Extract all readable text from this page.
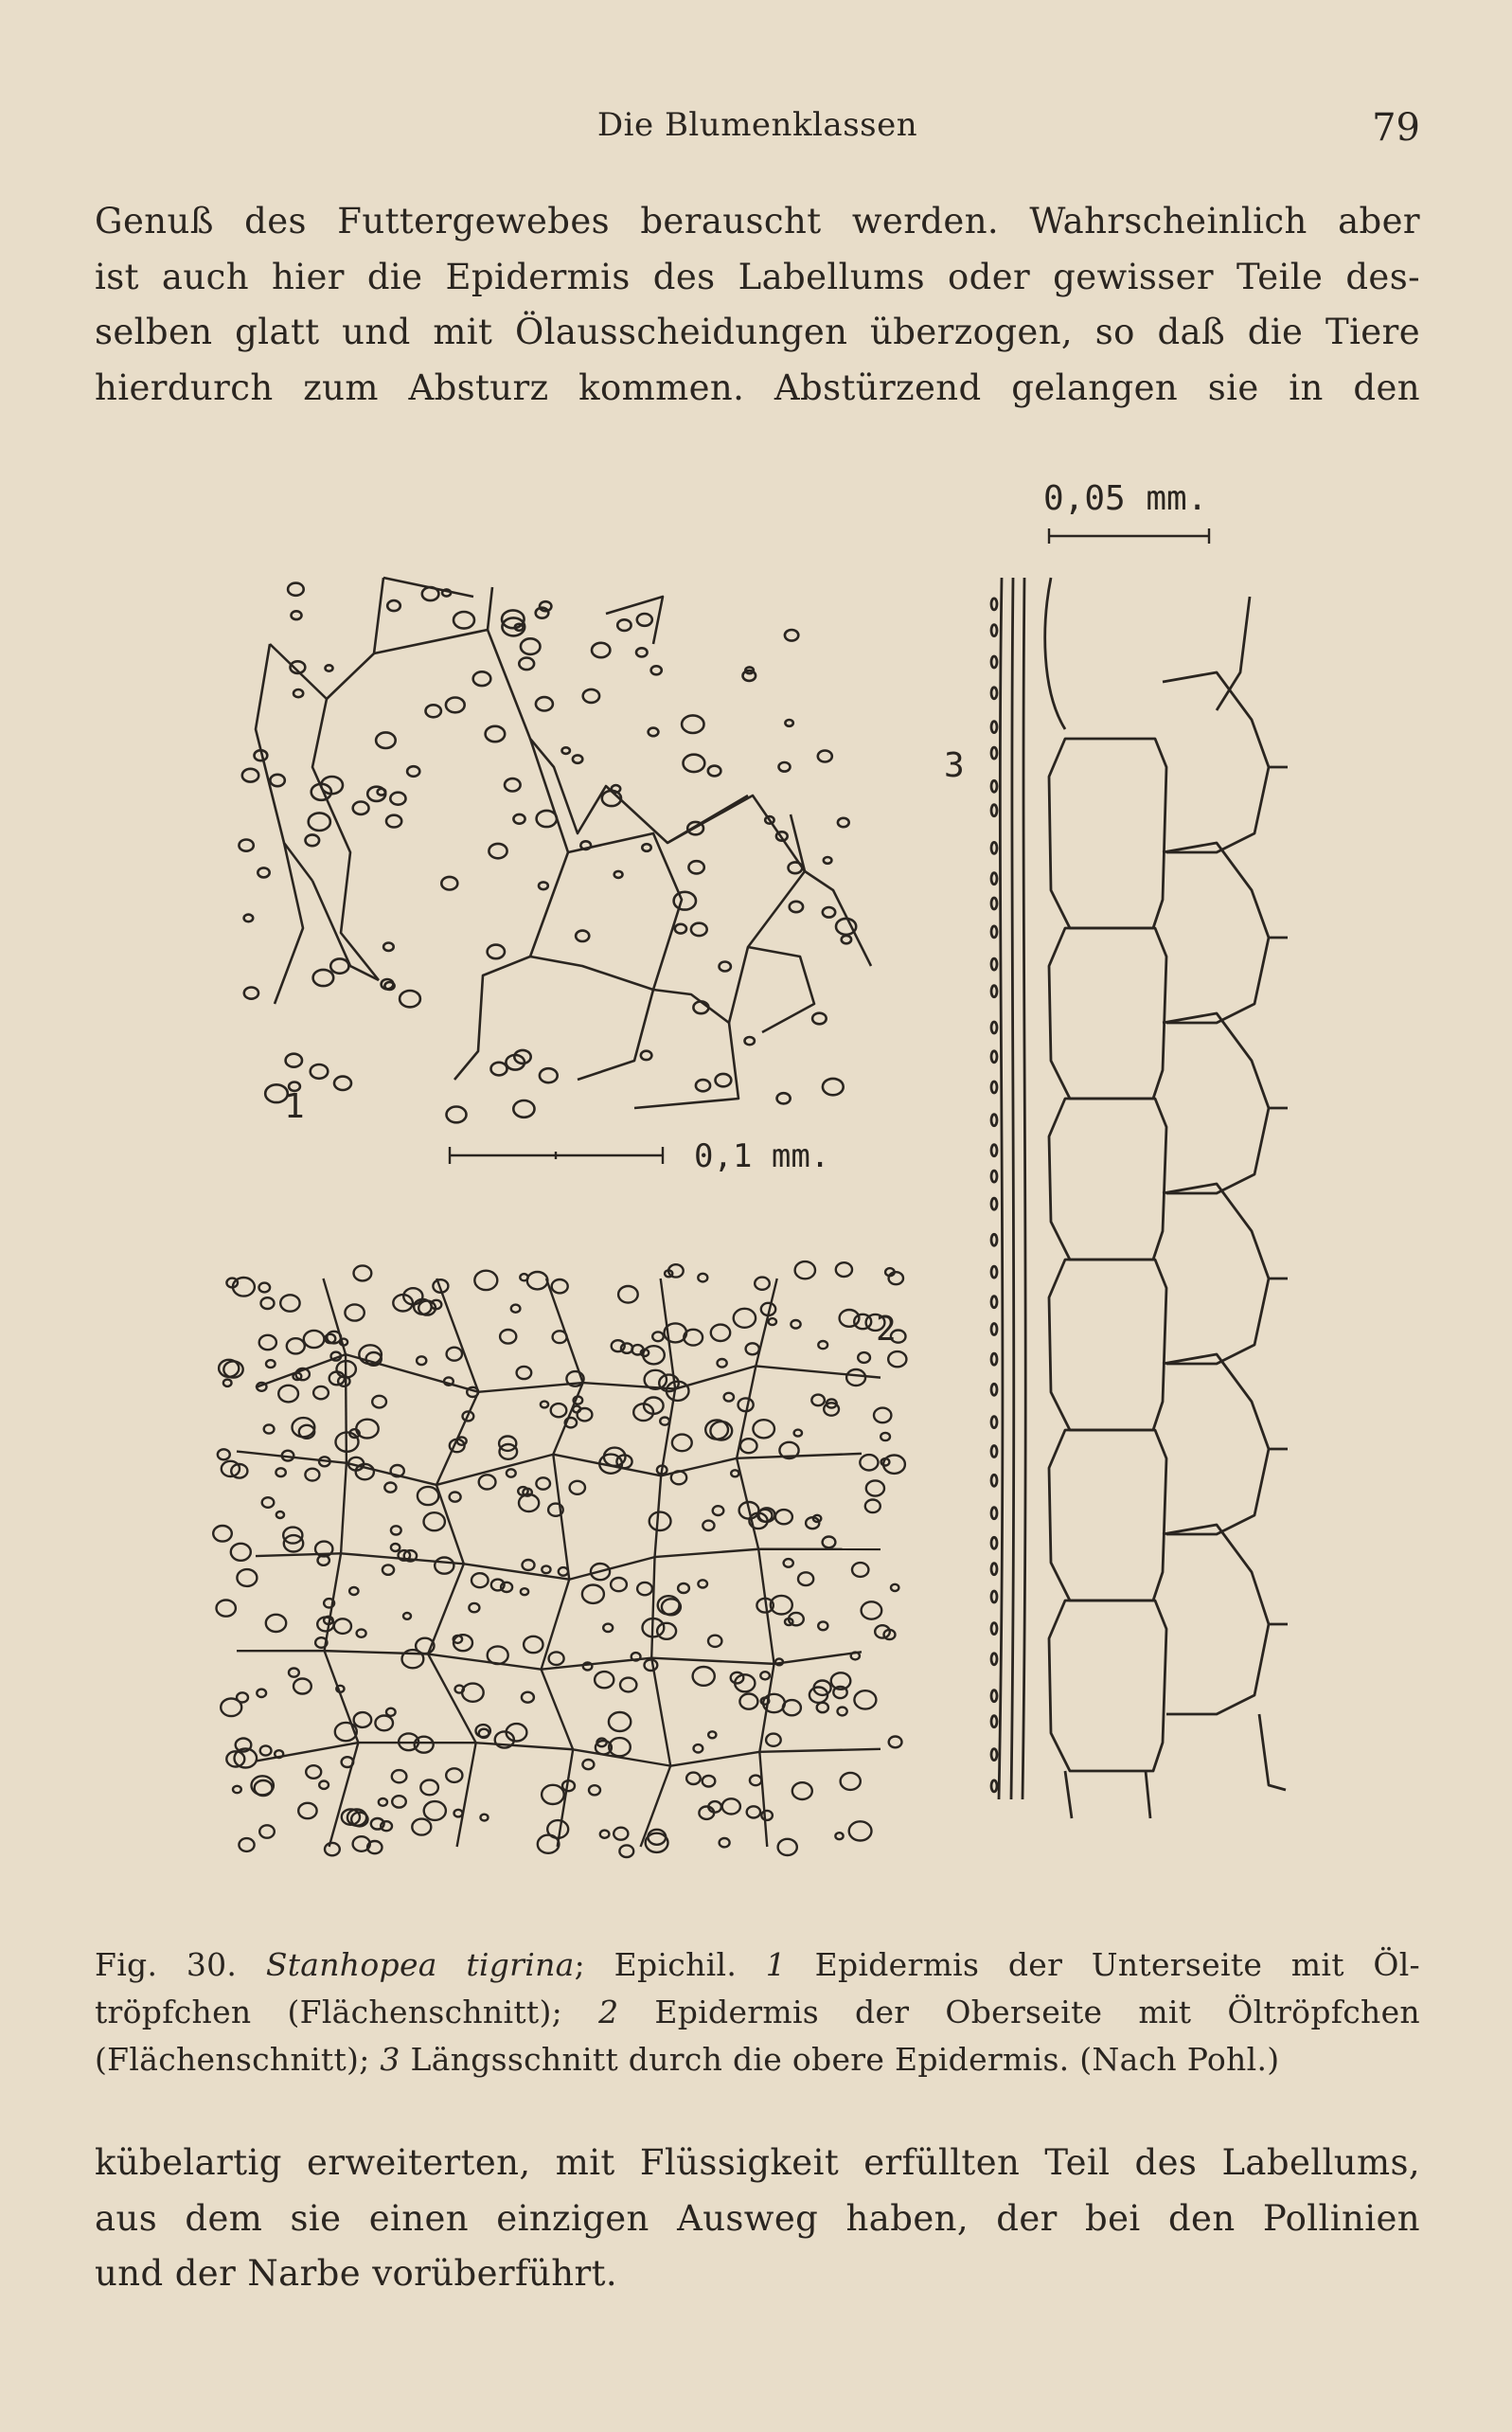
Die Blumenklassen	79
Genuß des Futtergewebes berauscht werden. Wahrscheinlich aber
ist auch hier die Epidermis des Labellums oder gewisser Teile des-
selben glatt und mit Ölausscheidungen überzogen, so daß die Tiere
hierdurch zum Absturz kommen. Abstürzend gelangen sie in den
0,1 mm.
0,05 mm.
1
2
3
Fig. 30. Stanhopea tigrina; Epichil. 1 Epidermis der Unterseite mit Öl-
tröpfchen (Flächenschnitt); 2 Epidermis der Oberseite mit Öltröpfchen
(Flächenschnitt); 3 Längsschnitt durch die obere Epidermis. (Nach Pohl.)
kübelartig erweiterten, mit Flüssigkeit erfüllten Teil des Labellums,
aus dem sie einen einzigen Ausweg haben, der bei den Pollinien
und der Narbe vorüberführt.
